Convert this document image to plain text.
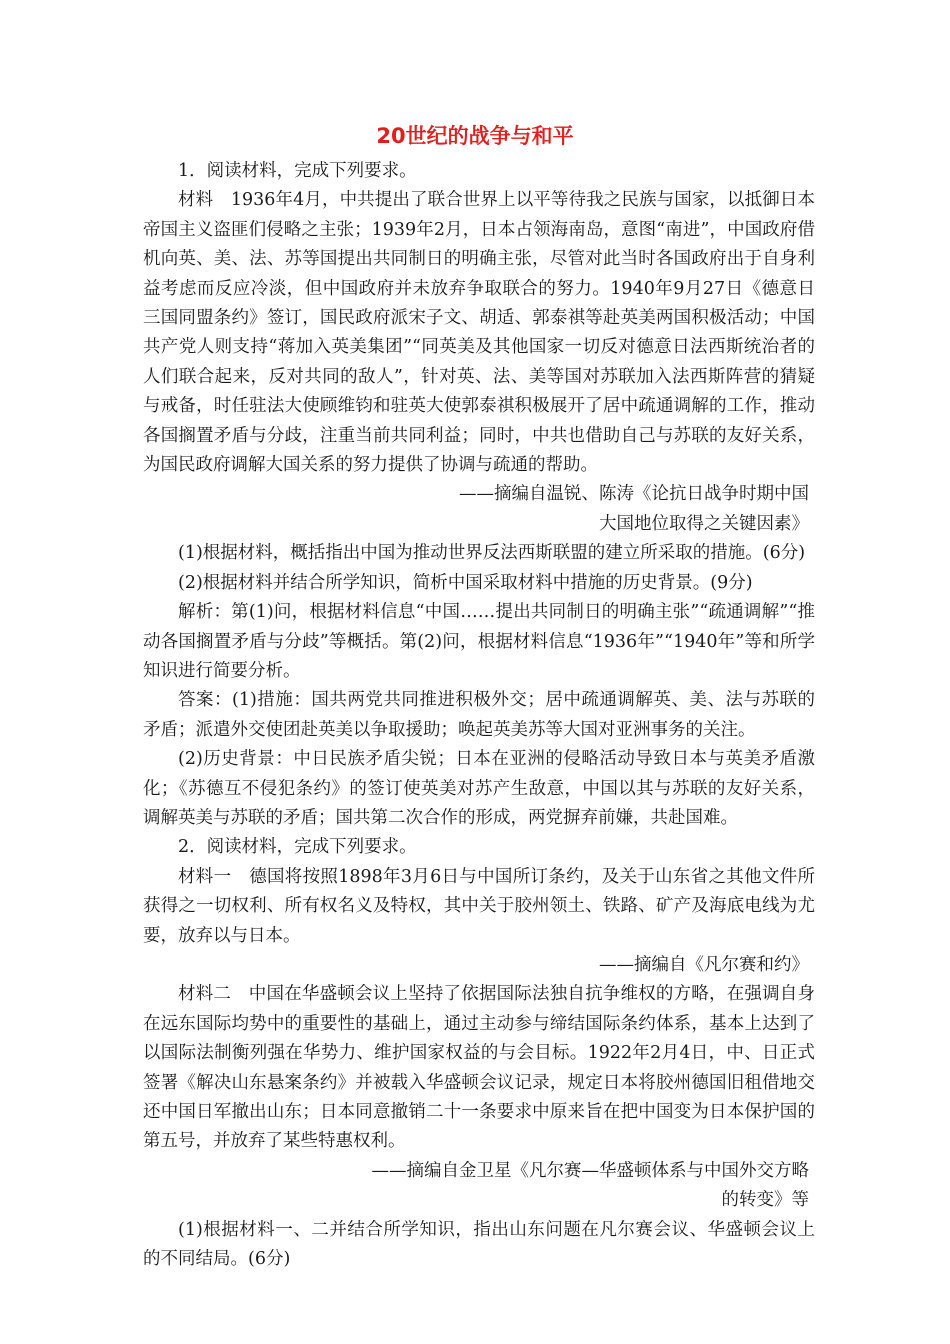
20世纪的战争与和平

1．阅读材料，完成下列要求。

材料　1936年4月，中共提出了联合世界上以平等待我之民族与国家，以抵御日本帝国主义盗匪们侵略之主张；1939年2月，日本占领海南岛，意图“南进”，中国政府借机向英、美、法、苏等国提出共同制日的明确主张，尽管对此当时各国政府出于自身利益考虑而反应冷淡，但中国政府并未放弃争取联合的努力。1940年9月27日《德意日三国同盟条约》签订，国民政府派宋子文、胡适、郭泰祺等赴英美两国积极活动；中国共产党人则支持“蒋加入英美集团”“同英美及其他国家一切反对德意日法西斯统治者的人们联合起来，反对共同的敌人”，针对英、法、美等国对苏联加入法西斯阵营的猜疑与戒备，时任驻法大使顾维钧和驻英大使郭泰祺积极展开了居中疏通调解的工作，推动各国搁置矛盾与分歧，注重当前共同利益；同时，中共也借助自己与苏联的友好关系，为国民政府调解大国关系的努力提供了协调与疏通的帮助。

——摘编自温锐、陈涛《论抗日战争时期中国

大国地位取得之关键因素》

(1)根据材料，概括指出中国为推动世界反法西斯联盟的建立所采取的措施。(6分)

(2)根据材料并结合所学知识，简析中国采取材料中措施的历史背景。(9分)

解析：第(1)问，根据材料信息“中国……提出共同制日的明确主张”“疏通调解”“推动各国搁置矛盾与分歧”等概括。第(2)问，根据材料信息“1936年”“1940年”等和所学知识进行简要分析。

答案：(1)措施：国共两党共同推进积极外交；居中疏通调解英、美、法与苏联的矛盾；派遣外交使团赴英美以争取援助；唤起英美苏等大国对亚洲事务的关注。

(2)历史背景：中日民族矛盾尖锐；日本在亚洲的侵略活动导致日本与英美矛盾激化；《苏德互不侵犯条约》的签订使英美对苏产生敌意，中国以其与苏联的友好关系，调解英美与苏联的矛盾；国共第二次合作的形成，两党摒弃前嫌，共赴国难。

2．阅读材料，完成下列要求。

材料一　德国将按照1898年3月6日与中国所订条约，及关于山东省之其他文件所获得之一切权利、所有权名义及特权，其中关于胶州领土、铁路、矿产及海底电线为尤要，放弃以与日本。

——摘编自《凡尔赛和约》

材料二　中国在华盛顿会议上坚持了依据国际法独自抗争维权的方略，在强调自身在远东国际均势中的重要性的基础上，通过主动参与缔结国际条约体系，基本上达到了以国际法制衡列强在华势力、维护国家权益的与会目标。1922年2月4日，中、日正式签署《解决山东悬案条约》并被载入华盛顿会议记录，规定日本将胶州德国旧租借地交还中国日军撤出山东；日本同意撤销二十一条要求中原来旨在把中国变为日本保护国的第五号，并放弃了某些特惠权利。

——摘编自金卫星《凡尔赛—华盛顿体系与中国外交方略

的转变》等

(1)根据材料一、二并结合所学知识，指出山东问题在凡尔赛会议、华盛顿会议上的不同结局。(6分)
